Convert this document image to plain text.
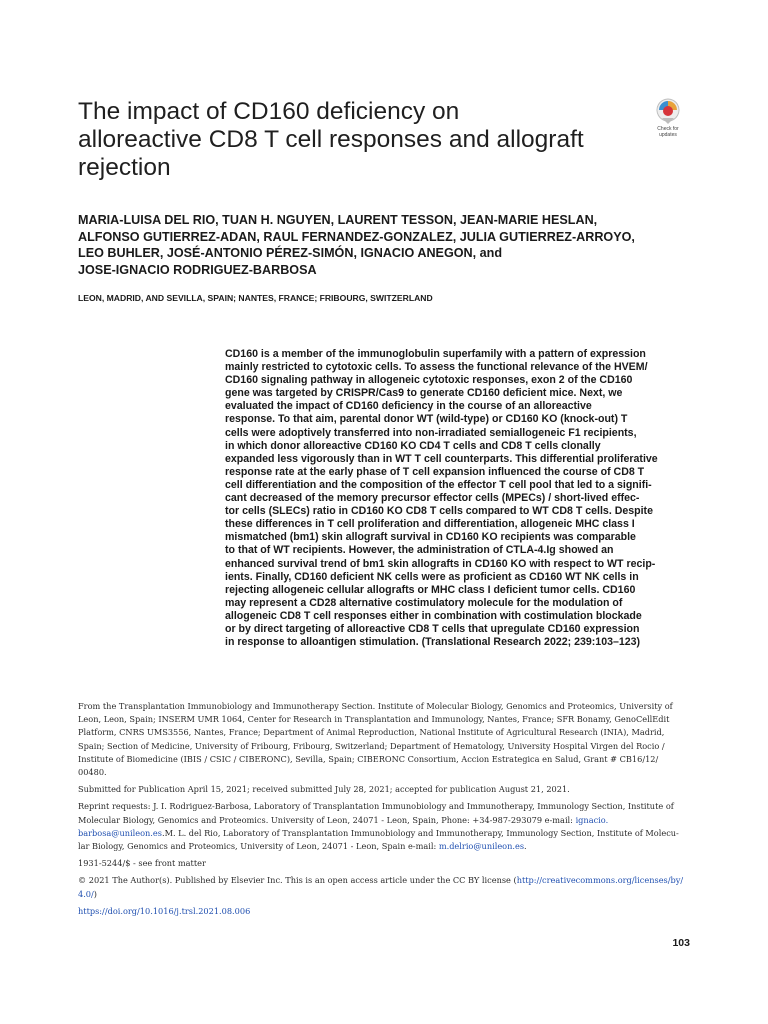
The impact of CD160 deficiency on
alloreactive CD8 T cell responses and allograft
rejection
Check for updates
MARIA-LUISA DEL RIO, TUAN H. NGUYEN, LAURENT TESSON, JEAN-MARIE HESLAN,
ALFONSO GUTIERREZ-ADAN, RAUL FERNANDEZ-GONZALEZ, JULIA GUTIERREZ-ARROYO,
LEO BUHLER, JOSÉ-ANTONIO PÉREZ-SIMÓN, IGNACIO ANEGON, and
JOSE-IGNACIO RODRIGUEZ-BARBOSA
LEON, MADRID, AND SEVILLA, SPAIN; NANTES, FRANCE; FRIBOURG, SWITZERLAND
CD160 is a member of the immunoglobulin superfamily with a pattern of expression
mainly restricted to cytotoxic cells. To assess the functional relevance of the HVEM/
CD160 signaling pathway in allogeneic cytotoxic responses, exon 2 of the CD160
gene was targeted by CRISPR/Cas9 to generate CD160 deficient mice. Next, we
evaluated the impact of CD160 deficiency in the course of an alloreactive
response. To that aim, parental donor WT (wild-type) or CD160 KO (knock-out) T
cells were adoptively transferred into non-irradiated semiallogeneic F1 recipients,
in which donor alloreactive CD160 KO CD4 T cells and CD8 T cells clonally
expanded less vigorously than in WT T cell counterparts. This differential proliferative
response rate at the early phase of T cell expansion influenced the course of CD8 T
cell differentiation and the composition of the effector T cell pool that led to a signifi-
cant decreased of the memory precursor effector cells (MPECs) / short-lived effec-
tor cells (SLECs) ratio in CD160 KO CD8 T cells compared to WT CD8 T cells. Despite
these differences in T cell proliferation and differentiation, allogeneic MHC class I
mismatched (bm1) skin allograft survival in CD160 KO recipients was comparable
to that of WT recipients. However, the administration of CTLA-4.Ig showed an
enhanced survival trend of bm1 skin allografts in CD160 KO with respect to WT recip-
ients. Finally, CD160 deficient NK cells were as proficient as CD160 WT NK cells in
rejecting allogeneic cellular allografts or MHC class I deficient tumor cells. CD160
may represent a CD28 alternative costimulatory molecule for the modulation of
allogeneic CD8 T cell responses either in combination with costimulation blockade
or by direct targeting of alloreactive CD8 T cells that upregulate CD160 expression
in response to alloantigen stimulation. (Translational Research 2022; 239:103–123)
From the Transplantation Immunobiology and Immunotherapy Section. Institute of Molecular Biology, Genomics and Proteomics, University of
Leon, Leon, Spain; INSERM UMR 1064, Center for Research in Transplantation and Immunology, Nantes, France; SFR Bonamy, GenoCellEdit
Platform, CNRS UMS3556, Nantes, France; Department of Animal Reproduction, National Institute of Agricultural Research (INIA), Madrid,
Spain; Section of Medicine, University of Fribourg, Fribourg, Switzerland; Department of Hematology, University Hospital Virgen del Rocio /
Institute of Biomedicine (IBIS / CSIC / CIBERONC), Sevilla, Spain; CIBERONC Consortium, Accion Estrategica en Salud, Grant # CB16/12/
00480.
Submitted for Publication April 15, 2021; received submitted July 28, 2021; accepted for publication August 21, 2021.
Reprint requests: J. I. Rodriguez-Barbosa, Laboratory of Transplantation Immunobiology and Immunotherapy, Immunology Section, Institute of
Molecular Biology, Genomics and Proteomics. University of Leon, 24071 - Leon, Spain, Phone: +34-987-293079 e-mail: ignacio.
barbosa@unileon.es.M. L. del Rio, Laboratory of Transplantation Immunobiology and Immunotherapy, Immunology Section, Institute of Molecu-
lar Biology, Genomics and Proteomics, University of Leon, 24071 - Leon, Spain e-mail: m.delrio@unileon.es.
1931-5244/$ - see front matter
© 2021 The Author(s). Published by Elsevier Inc. This is an open access article under the CC BY license (http://creativecommons.org/licenses/by/
4.0/)
https://doi.org/10.1016/j.trsl.2021.08.006
103
